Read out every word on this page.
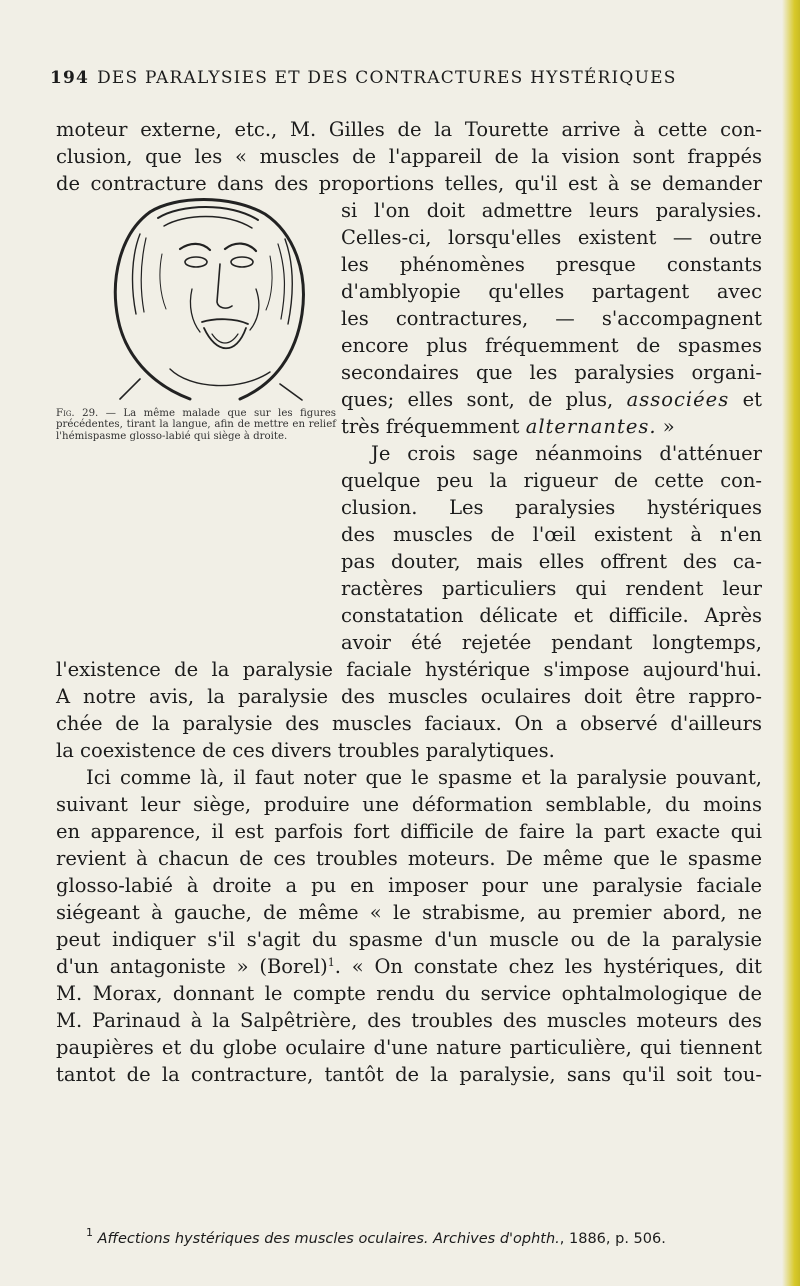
194 DES PARALYSIES ET DES CONTRACTURES HYSTÉRIQUES
moteur externe, etc., M. Gilles de la Tourette arrive à cette con-
clusion, que les « muscles de l'appareil de la vision sont frappés
de contracture dans des proportions telles, qu'il est à se demander
si l'on doit admettre leurs paralysies.
Celles-ci, lorsqu'elles existent — outre
les phénomènes presque constants
d'amblyopie qu'elles partagent avec
les contractures, — s'accompagnent
encore plus fréquemment de spasmes
secondaires que les paralysies organi-
ques; elles sont, de plus, associées et
très fréquemment alternantes. »
Je crois sage néanmoins d'atténuer
quelque peu la rigueur de cette con-
clusion. Les paralysies hystériques
des muscles de l'œil existent à n'en
pas douter, mais elles offrent des ca-
ractères particuliers qui rendent leur
constatation délicate et difficile. Après
avoir été rejetée pendant longtemps,
l'existence de la paralysie faciale hystérique s'impose aujourd'hui.
A notre avis, la paralysie des muscles oculaires doit être rappro-
chée de la paralysie des muscles faciaux. On a observé d'ailleurs
la coexistence de ces divers troubles paralytiques.
Ici comme là, il faut noter que le spasme et la paralysie pouvant,
suivant leur siège, produire une déformation semblable, du moins
en apparence, il est parfois fort difficile de faire la part exacte qui
revient à chacun de ces troubles moteurs. De même que le spasme
glosso-labié à droite a pu en imposer pour une paralysie faciale
siégeant à gauche, de même « le strabisme, au premier abord, ne
peut indiquer s'il s'agit du spasme d'un muscle ou de la paralysie
d'un antagoniste » (Borel)$^1$. « On constate chez les hystériques, dit
M. Morax, donnant le compte rendu du service ophtalmologique de
M. Parinaud à la Salpêtrière, des troubles des muscles moteurs des
paupières et du globe oculaire d'une nature particulière, qui tiennent
tantot de la contracture, tantôt de la paralysie, sans qu'il soit tou-
Fig. 29. — La même malade que sur les figures précédentes, tirant la langue, afin de mettre en relief l'hémispasme glosso-labié qui siège à droite.
$^1$ Affections hystériques des muscles oculaires. Archives d'ophth., 1886, p. 506.
